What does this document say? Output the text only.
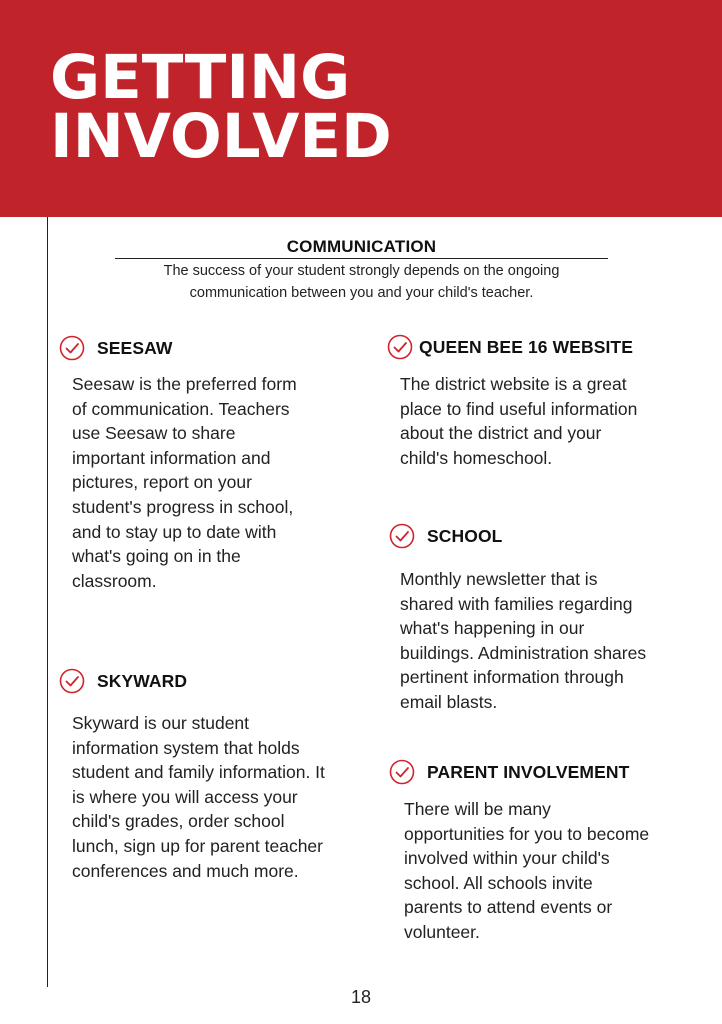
GETTING
INVOLVED
COMMUNICATION
The success of your student strongly depends on the ongoing communication between you and your child's teacher.
SEESAW

Seesaw is the preferred form of communication. Teachers use Seesaw to share important information and pictures, report on your student's progress in school, and to stay up to date with what's going on in the classroom.

SKYWARD

Skyward is our student information system that holds student and family information. It is where you will access your child's grades, order school lunch, sign up for parent teacher conferences and much more.

QUEEN BEE 16 WEBSITE

The district website is a great place to find useful information about the district and your child's homeschool.

SCHOOL

Monthly newsletter that is shared with families regarding what's happening in our buildings. Administration shares pertinent information through email blasts.

PARENT INVOLVEMENT

There will be many opportunities for you to become involved within your child's school. All schools invite parents to attend events or volunteer.

18
